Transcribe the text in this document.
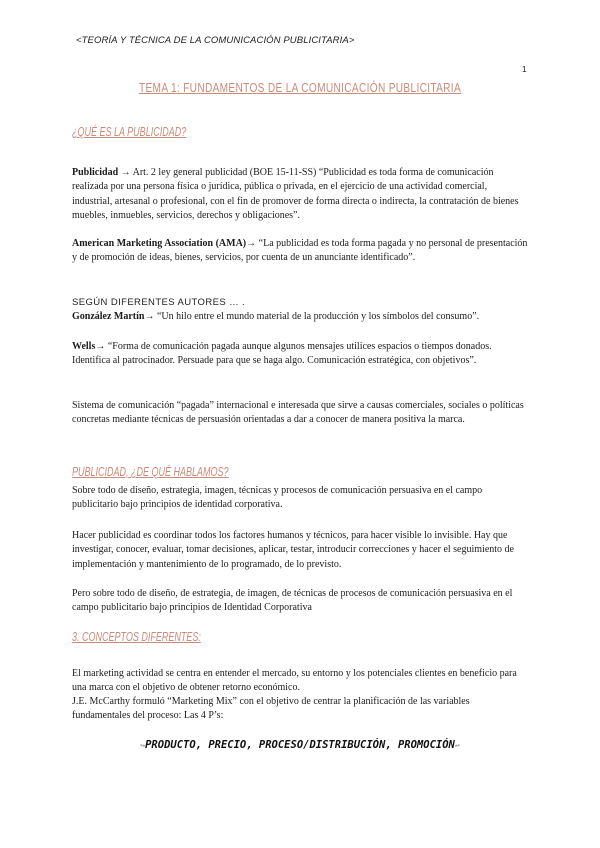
<TEORÍA Y TÉCNICA DE LA COMUNICACIÓN PUBLICITARIA>
1
TEMA 1: FUNDAMENTOS DE LA COMUNICACIÓN PUBLICITARIA
¿QUÉ ES LA PUBLICIDAD?

Publicidad → Art. 2 ley general publicidad (BOE 15-11-SS) “Publicidad es toda forma de comunicación realizada por una persona física o jurídica, pública o privada, en el ejercicio de una actividad comercial, industrial, artesanal o profesional, con el fin de promover de forma directa o indirecta, la contratación de bienes muebles, inmuebles, servicios, derechos y obligaciones”.

American Marketing Association (AMA)→ “La publicidad es toda forma pagada y no personal de presentación y de promoción de ideas, bienes, servicios, por cuenta de un anunciante identificado”.

SEGÚN DIFERENTES AUTORES … .

González Martín→ “Un hilo entre el mundo material de la producción y los símbolos del consumo”.

Wells→ “Forma de comunicación pagada aunque algunos mensajes utilices espacios o tiempos donados. Identifica al patrocinador. Persuade para que se haga algo. Comunicación estratégica, con objetivos”.

Sistema de comunicación “pagada” internacional e interesada que sirve a causas comerciales, sociales o políticas concretas mediante técnicas de persuasión orientadas a dar a conocer de manera positiva la marca.

PUBLICIDAD, ¿DE QUÉ HABLAMOS?

Sobre todo de diseño, estrategia, imagen, técnicas y procesos de comunicación persuasiva en el campo publicitario bajo principios de identidad corporativa.

Hacer publicidad es coordinar todos los factores humanos y técnicos, para hacer visible lo invisible. Hay que investigar, conocer, evaluar, tomar decisiones, aplicar, testar, introducir correcciones y hacer el seguimiento de implementación y mantenimiento de lo programado, de lo previsto.

Pero sobre todo de diseño, de estrategia, de imagen, de técnicas de procesos de comunicación persuasiva en el campo publicitario bajo principios de Identidad Corporativa

3. CONCEPTOS DIFERENTES:

El marketing actividad se centra en entender el mercado, su entorno y los potenciales clientes en beneficio para una marca con el objetivo de obtener retorno económico.

J.E. McCarthy formuló “Marketing Mix” con el objetivo de centrar la planificación de las variables fundamentales del proceso: Las 4 P’s:

↪PRODUCTO, PRECIO, PROCESO/DISTRIBUCIÓN, PROMOCIÓN↩
